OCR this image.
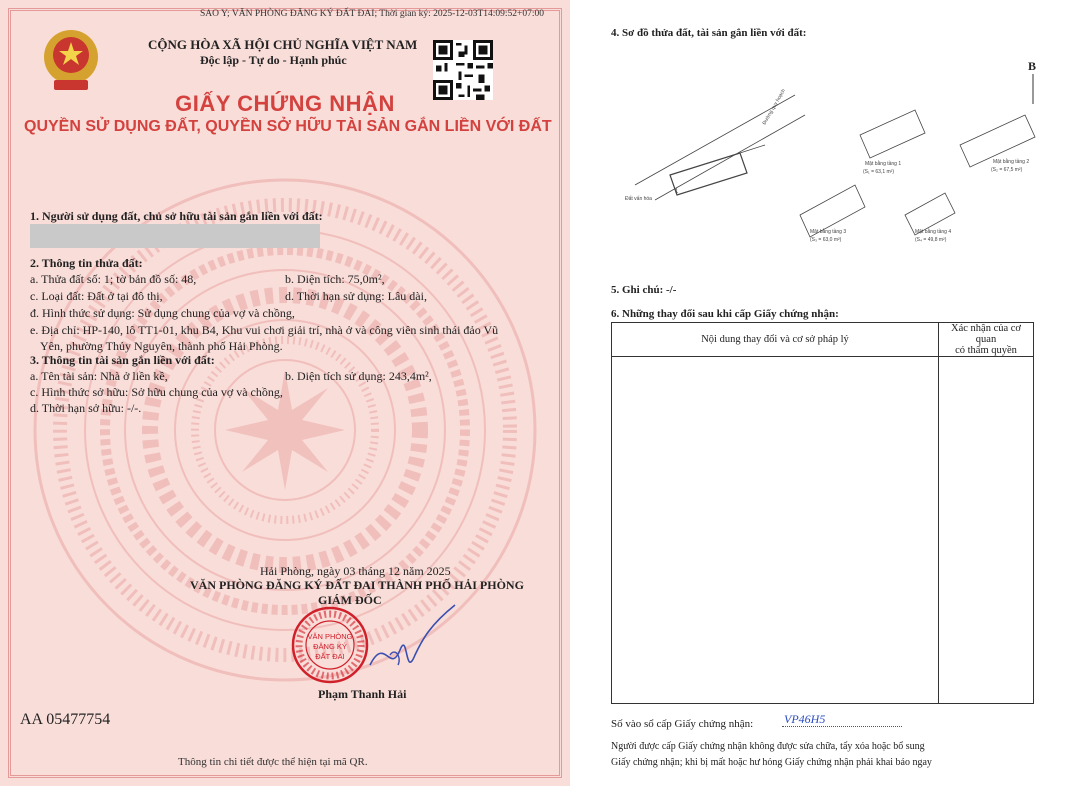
SAO Y; VĂN PHÒNG ĐĂNG KÝ ĐẤT ĐAI; Thời gian ký: 2025-12-03T14:09:52+07:00
CỘNG HÒA XÃ HỘI CHỦ NGHĨA VIỆT NAM
Độc lập - Tự do - Hạnh phúc
GIẤY CHỨNG NHẬN
QUYỀN SỬ DỤNG ĐẤT, QUYỀN SỞ HỮU TÀI SẢN GẮN LIỀN VỚI ĐẤT
1. Người sử dụng đất, chủ sở hữu tài sản gắn liền với đất:
2. Thông tin thửa đất:
a. Thửa đất số: 1; tờ bản đồ số: 48,	b. Diện tích: 75,0m²,
c. Loại đất: Đất ở tại đô thị,	d. Thời hạn sử dụng: Lâu dài,
đ. Hình thức sử dụng: Sử dụng chung của vợ và chồng,
e. Địa chỉ: HP-140, lô TT1-01, khu B4, Khu vui chơi giải trí, nhà ở và công viên sinh thái đảo Vũ
Yên, phường Thủy Nguyên, thành phố Hải Phòng.
3. Thông tin tài sản gắn liền với đất:
a. Tên tài sản: Nhà ở liền kề,	b. Diện tích sử dụng: 243,4m²,
c. Hình thức sở hữu: Sở hữu chung của vợ và chồng,
d. Thời hạn sở hữu: -/-.
Hải Phòng, ngày 03 tháng 12 năm 2025
VĂN PHÒNG ĐĂNG KÝ ĐẤT ĐAI THÀNH PHỐ HẢI PHÒNG
GIÁM ĐỐC
VĂN PHÒNG
ĐĂNG KÝ
ĐẤT ĐAI
Phạm Thanh Hải
AA 05477754
Thông tin chi tiết được thể hiện tại mã QR.
4. Sơ đồ thửa đất, tài sản gắn liền với đất:
B
1
Đất vấn hóa
Đường quy hoạch
Mặt bằng tầng 1
(S₁ = 63,1 m²)
Mặt bằng tầng 2
(S₂ = 67,5 m²)
Mặt bằng tầng 3
(S₃ = 63,0 m²)
Mặt bằng tầng 4
(S₄ = 49,8 m²)
5. Ghi chú: -/-
6. Những thay đổi sau khi cấp Giấy chứng nhận:
Nội dung thay đổi và cơ sở pháp lý	Xác nhận của cơ quan
có thẩm quyền

Số vào sổ cấp Giấy chứng nhận:	VP46H5
Người được cấp Giấy chứng nhận không được sửa chữa, tẩy xóa hoặc bổ sung
Giấy chứng nhận; khi bị mất hoặc hư hỏng Giấy chứng nhận phải khai báo ngay
